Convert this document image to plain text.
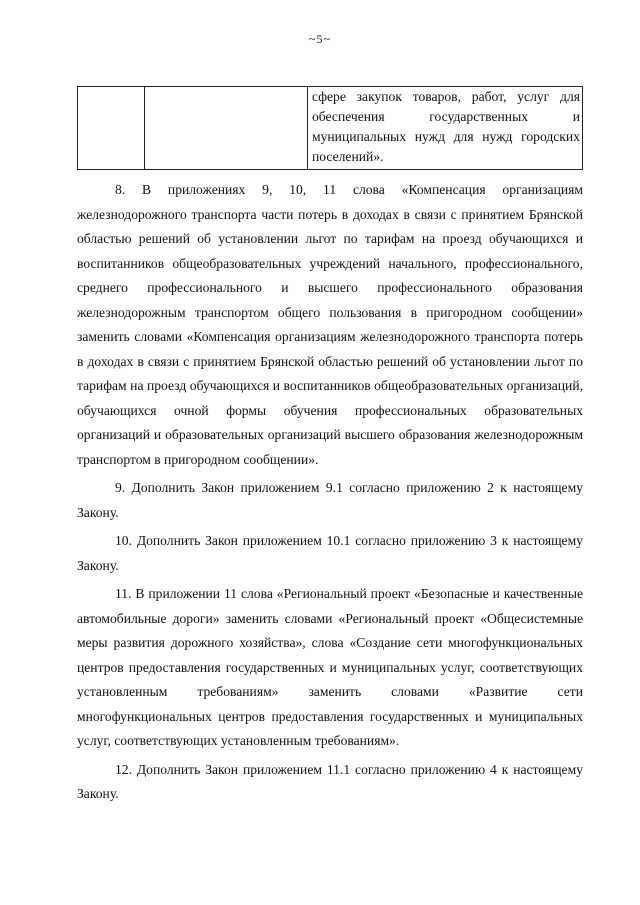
~5~
		сфере закупок товаров, работ, услуг для обеспечения государственных и муниципальных нужд для нужд городских поселений».

8. В приложениях 9, 10, 11 слова «Компенсация организациям железнодорожного транспорта части потерь в доходах в связи с принятием Брянской областью решений об установлении льгот по тарифам на проезд обучающихся и воспитанников общеобразовательных учреждений начального, профессионального, среднего профессионального и высшего профессионального образования железнодорожным транспортом общего пользования в пригородном сообщении» заменить словами «Компенсация организациям железнодорожного транспорта потерь в доходах в связи с принятием Брянской областью решений об установлении льгот по тарифам на проезд обучающихся и воспитанников общеобразовательных организаций, обучающихся очной формы обучения профессиональных образовательных организаций и образовательных организаций высшего образования железнодорожным транспортом в пригородном сообщении».

9. Дополнить Закон приложением 9.1 согласно приложению 2 к настоящему Закону.

10. Дополнить Закон приложением 10.1 согласно приложению 3 к настоящему Закону.

11. В приложении 11 слова «Региональный проект «Безопасные и качественные автомобильные дороги» заменить словами «Региональный проект «Общесистемные меры развития дорожного хозяйства», слова «Создание сети многофункциональных центров предоставления государственных и муниципальных услуг, соответствующих установленным требованиям» заменить словами «Развитие сети многофункциональных центров предоставления государственных и муниципальных услуг, соответствующих установленным требованиям».

12. Дополнить Закон приложением 11.1 согласно приложению 4 к настоящему Закону.
